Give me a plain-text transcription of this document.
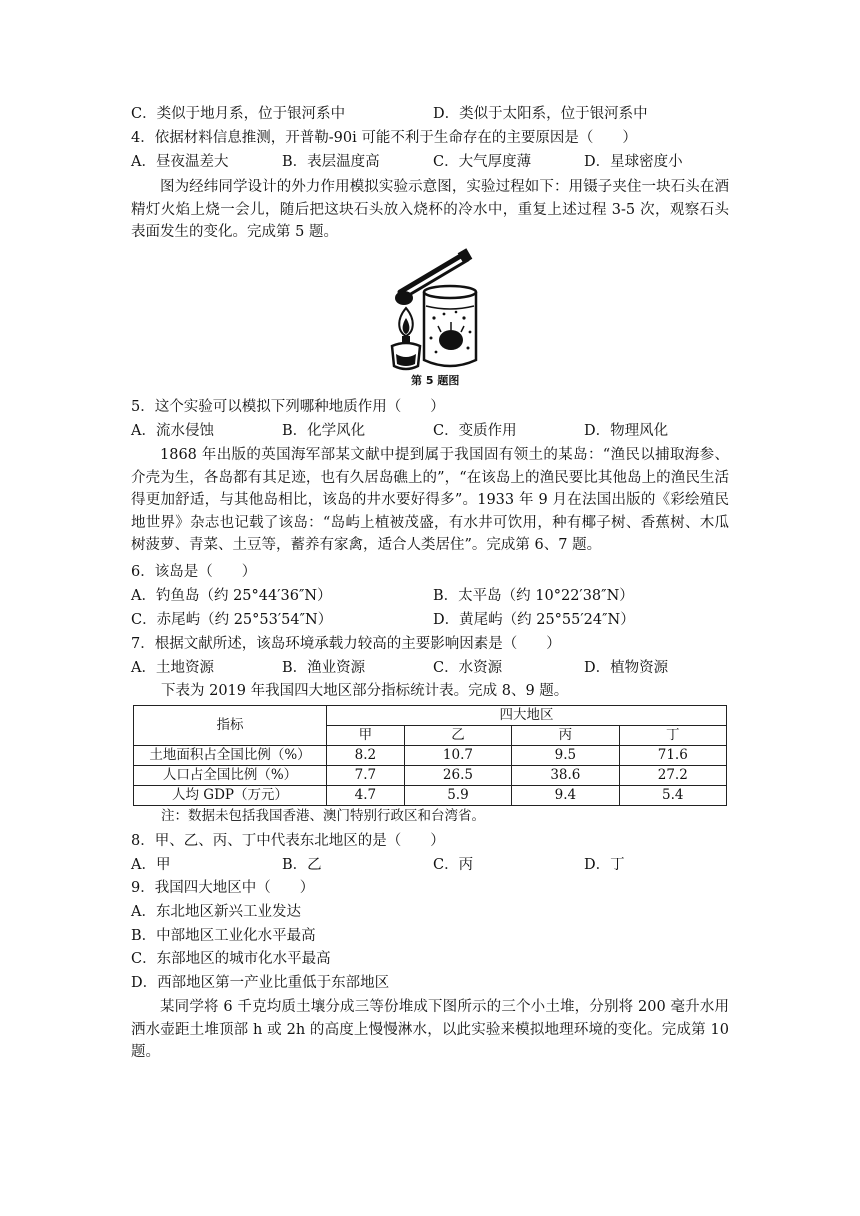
C．类似于地月系，位于银河系中	D．类似于太阳系，位于银河系中
4．依据材料信息推测，开普勒-90i 可能不利于生命存在的主要原因是（　　）
A．昼夜温差大	B．表层温度高	C．大气厚度薄	D．星球密度小

图为经纬同学设计的外力作用模拟实验示意图，实验过程如下：用镊子夹住一块石头在酒精灯火焰上烧一会儿，随后把这块石头放入烧杯的冷水中，重复上述过程 3-5 次，观察石头表面发生的变化。完成第 5 题。

第 5 题图
5．这个实验可以模拟下列哪种地质作用（　　）
A．流水侵蚀	B．化学风化	C．变质作用	D．物理风化

1868 年出版的英国海军部某文献中提到属于我国固有领土的某岛：“渔民以捕取海参、介壳为生，各岛都有其足迹，也有久居岛礁上的”，“在该岛上的渔民要比其他岛上的渔民生活得更加舒适，与其他岛相比，该岛的井水要好得多”。1933 年 9 月在法国出版的《彩绘殖民地世界》杂志也记载了该岛：“岛屿上植被茂盛，有水井可饮用，种有椰子树、香蕉树、木瓜树菠萝、青菜、土豆等，蓄养有家禽，适合人类居住”。完成第 6、7 题。

6．该岛是（　　）
A．钓鱼岛（约 25°44′36″N）	B．太平岛（约 10°22′38″N）
C．赤尾屿（约 25°53′54″N）	D．黄尾屿（约 25°55′24″N）
7．根据文献所述，该岛环境承载力较高的主要影响因素是（　　）
A．土地资源	B．渔业资源	C．水资源	D．植物资源
下表为 2019 年我国四大地区部分指标统计表。完成 8、9 题。
指标	四大地区			
	甲	乙	丙	丁
土地面积占全国比例（%）	8.2	10.7	9.5	71.6
人口占全国比例（%）	7.7	26.5	38.6	27.2
人均 GDP（万元）	4.7	5.9	9.4	5.4
注：数据未包括我国香港、澳门特别行政区和台湾省。
8．甲、乙、丙、丁中代表东北地区的是（　　）
A．甲	B．乙	C．丙	D．丁
9．我国四大地区中（　　）
A．东北地区新兴工业发达
B．中部地区工业化水平最高
C．东部地区的城市化水平最高
D．西部地区第一产业比重低于东部地区

某同学将 6 千克均质土壤分成三等份堆成下图所示的三个小土堆，分别将 200 毫升水用洒水壶距土堆顶部 h 或 2h 的高度上慢慢淋水，以此实验来模拟地理环境的变化。完成第 10 题。
